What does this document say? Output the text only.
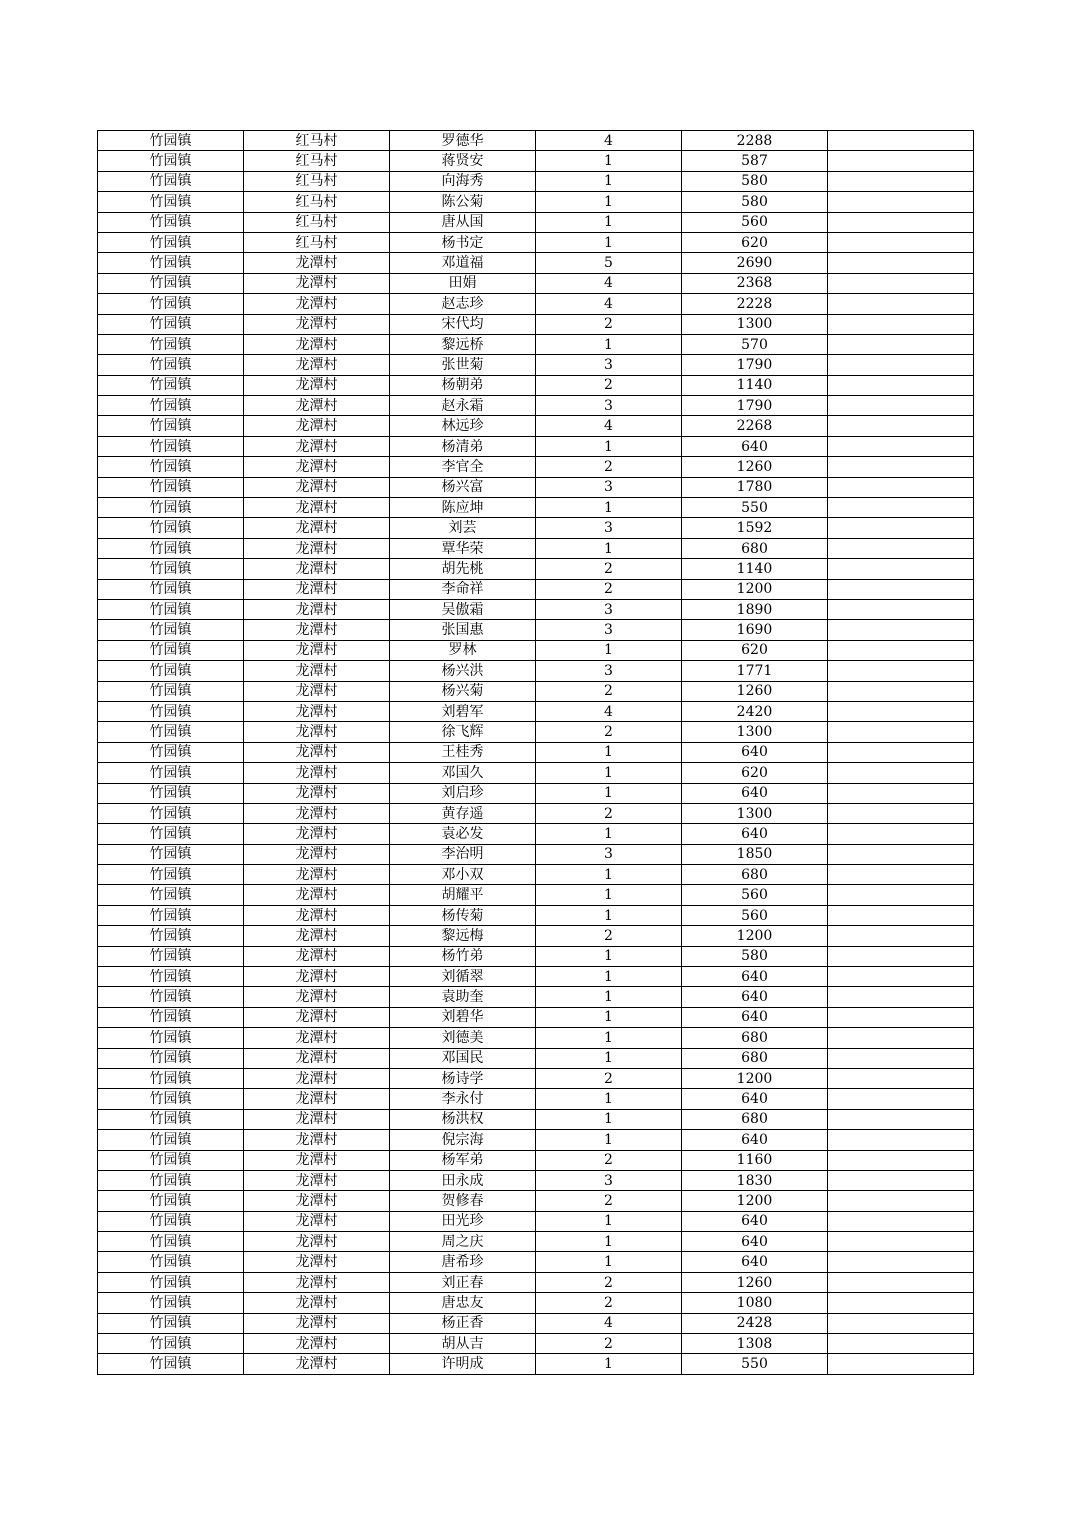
竹园镇	红马村	罗德华	4	2288	
竹园镇	红马村	蒋贤安	1	587	
竹园镇	红马村	向海秀	1	580	
竹园镇	红马村	陈公菊	1	580	
竹园镇	红马村	唐从国	1	560	
竹园镇	红马村	杨书定	1	620	
竹园镇	龙潭村	邓道福	5	2690	
竹园镇	龙潭村	田娟	4	2368	
竹园镇	龙潭村	赵志珍	4	2228	
竹园镇	龙潭村	宋代均	2	1300	
竹园镇	龙潭村	黎远桥	1	570	
竹园镇	龙潭村	张世菊	3	1790	
竹园镇	龙潭村	杨朝弟	2	1140	
竹园镇	龙潭村	赵永霜	3	1790	
竹园镇	龙潭村	林远珍	4	2268	
竹园镇	龙潭村	杨清弟	1	640	
竹园镇	龙潭村	李官全	2	1260	
竹园镇	龙潭村	杨兴富	3	1780	
竹园镇	龙潭村	陈应坤	1	550	
竹园镇	龙潭村	刘芸	3	1592	
竹园镇	龙潭村	覃华荣	1	680	
竹园镇	龙潭村	胡先桃	2	1140	
竹园镇	龙潭村	李命祥	2	1200	
竹园镇	龙潭村	吴傲霜	3	1890	
竹园镇	龙潭村	张国惠	3	1690	
竹园镇	龙潭村	罗林	1	620	
竹园镇	龙潭村	杨兴洪	3	1771	
竹园镇	龙潭村	杨兴菊	2	1260	
竹园镇	龙潭村	刘碧军	4	2420	
竹园镇	龙潭村	徐飞辉	2	1300	
竹园镇	龙潭村	王桂秀	1	640	
竹园镇	龙潭村	邓国久	1	620	
竹园镇	龙潭村	刘启珍	1	640	
竹园镇	龙潭村	黄存遥	2	1300	
竹园镇	龙潭村	袁必发	1	640	
竹园镇	龙潭村	李治明	3	1850	
竹园镇	龙潭村	邓小双	1	680	
竹园镇	龙潭村	胡耀平	1	560	
竹园镇	龙潭村	杨传菊	1	560	
竹园镇	龙潭村	黎远梅	2	1200	
竹园镇	龙潭村	杨竹弟	1	580	
竹园镇	龙潭村	刘循翠	1	640	
竹园镇	龙潭村	袁助奎	1	640	
竹园镇	龙潭村	刘碧华	1	640	
竹园镇	龙潭村	刘德美	1	680	
竹园镇	龙潭村	邓国民	1	680	
竹园镇	龙潭村	杨诗学	2	1200	
竹园镇	龙潭村	李永付	1	640	
竹园镇	龙潭村	杨洪权	1	680	
竹园镇	龙潭村	倪宗海	1	640	
竹园镇	龙潭村	杨军弟	2	1160	
竹园镇	龙潭村	田永成	3	1830	
竹园镇	龙潭村	贺修春	2	1200	
竹园镇	龙潭村	田光珍	1	640	
竹园镇	龙潭村	周之庆	1	640	
竹园镇	龙潭村	唐希珍	1	640	
竹园镇	龙潭村	刘正春	2	1260	
竹园镇	龙潭村	唐忠友	2	1080	
竹园镇	龙潭村	杨正香	4	2428	
竹园镇	龙潭村	胡从吉	2	1308	
竹园镇	龙潭村	许明成	1	550	
